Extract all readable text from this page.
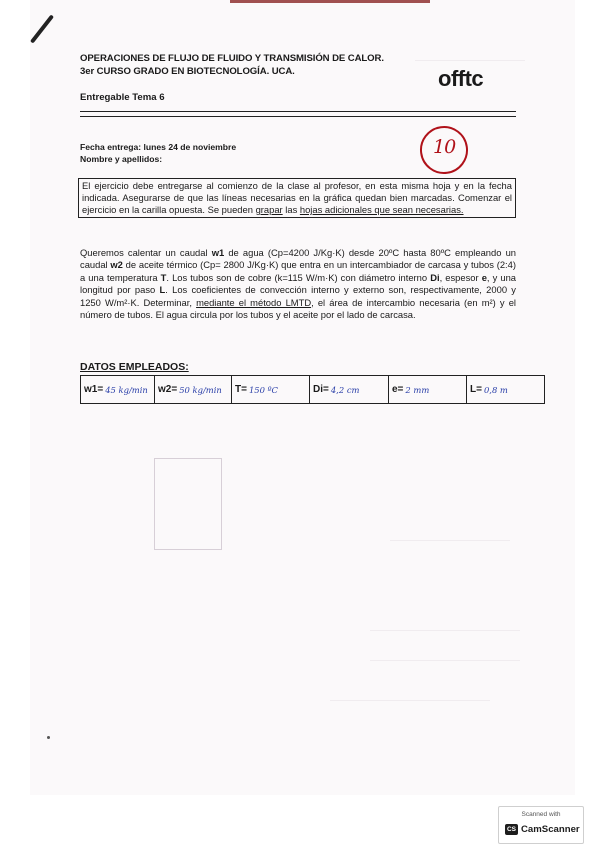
OPERACIONES DE FLUJO DE FLUIDO Y TRANSMISIÓN DE CALOR.
3er CURSO GRADO EN BIOTECNOLOGÍA. UCA.	offtc
Entregable Tema 6
Fecha entrega: lunes 24 de noviembre
Nombre y apellidos:
10
El ejercicio debe entregarse al comienzo de la clase al profesor, en esta misma hoja y en la fecha indicada. Asegurarse de que las líneas necesarias en la gráfica quedan bien marcadas. Comenzar el ejercicio en la carilla opuesta. Se pueden grapar las hojas adicionales que sean necesarias.
Queremos calentar un caudal w1 de agua (Cp=4200 J/Kg·K) desde 20ºC hasta 80ºC empleando un caudal w2 de aceite térmico (Cp= 2800 J/Kg·K) que entra en un intercambiador de carcasa y tubos (2:4) a una temperatura T. Los tubos son de cobre (k=115 W/m·K) con diámetro interno Di, espesor e, y una longitud por paso L. Los coeficientes de convección interno y externo son, respectivamente, 2000 y 1250 W/m²·K. Determinar, mediante el método LMTD, el área de intercambio necesaria (en m²) y el número de tubos. El agua circula por los tubos y el aceite por el lado de carcasa.
DATOS EMPLEADOS:
w1= 45 kg/min w2= 50 kg/min T= 150 ºC	Di= 4,2 cm	e= 2 mm	L= 0,8 m
Scanned with
CS CamScanner
